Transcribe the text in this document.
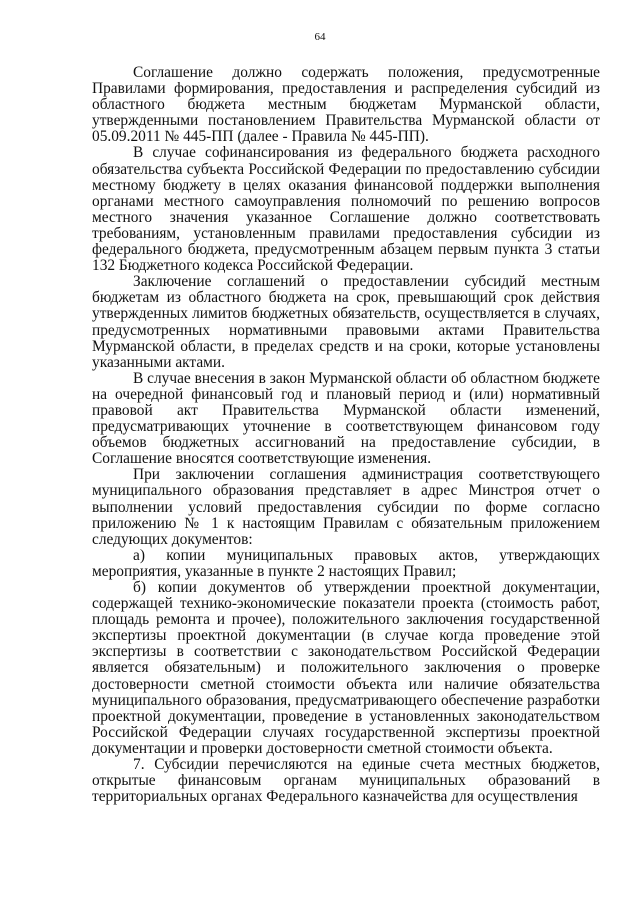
64

Соглашение должно содержать положения, предусмотренные Правилами формирования, предоставления и распределения субсидий из областного бюджета местным бюджетам Мурманской области, утвержденными постановлением Правительства Мурманской области от 05.09.2011 № 445-ПП (далее - Правила № 445-ПП).

В случае софинансирования из федерального бюджета расходного обязательства субъекта Российской Федерации по предоставлению субсидии местному бюджету в целях оказания финансовой поддержки выполнения органами местного самоуправления полномочий по решению вопросов местного значения указанное Соглашение должно соответствовать требованиям, установленным правилами предоставления субсидии из федерального бюджета, предусмотренным абзацем первым пункта 3 статьи 132 Бюджетного кодекса Российской Федерации.

Заключение соглашений о предоставлении субсидий местным бюджетам из областного бюджета на срок, превышающий срок действия утвержденных лимитов бюджетных обязательств, осуществляется в случаях, предусмотренных нормативными правовыми актами Правительства Мурманской области, в пределах средств и на сроки, которые установлены указанными актами.

В случае внесения в закон Мурманской области об областном бюджете на очередной финансовый год и плановый период и (или) нормативный правовой акт Правительства Мурманской области изменений, предусматривающих уточнение в соответствующем финансовом году объемов бюджетных ассигнований на предоставление субсидии, в Соглашение вносятся соответствующие изменения.

При заключении соглашения администрация соответствующего муниципального образования представляет в адрес Минстроя отчет о выполнении условий предоставления субсидии по форме согласно приложению № 1 к настоящим Правилам с обязательным приложением следующих документов:

а) копии муниципальных правовых актов, утверждающих мероприятия, указанные в пункте 2 настоящих Правил;

б) копии документов об утверждении проектной документации, содержащей технико-экономические показатели проекта (стоимость работ, площадь ремонта и прочее), положительного заключения государственной экспертизы проектной документации (в случае когда проведение этой экспертизы в соответствии с законодательством Российской Федерации является обязательным) и положительного заключения о проверке достоверности сметной стоимости объекта или наличие обязательства муниципального образования, предусматривающего обеспечение разработки проектной документации, проведение в установленных законодательством Российской Федерации случаях государственной экспертизы проектной документации и проверки достоверности сметной стоимости объекта.

7. Субсидии перечисляются на единые счета местных бюджетов, открытые финансовым органам муниципальных образований в территориальных органах Федерального казначейства для осуществления
